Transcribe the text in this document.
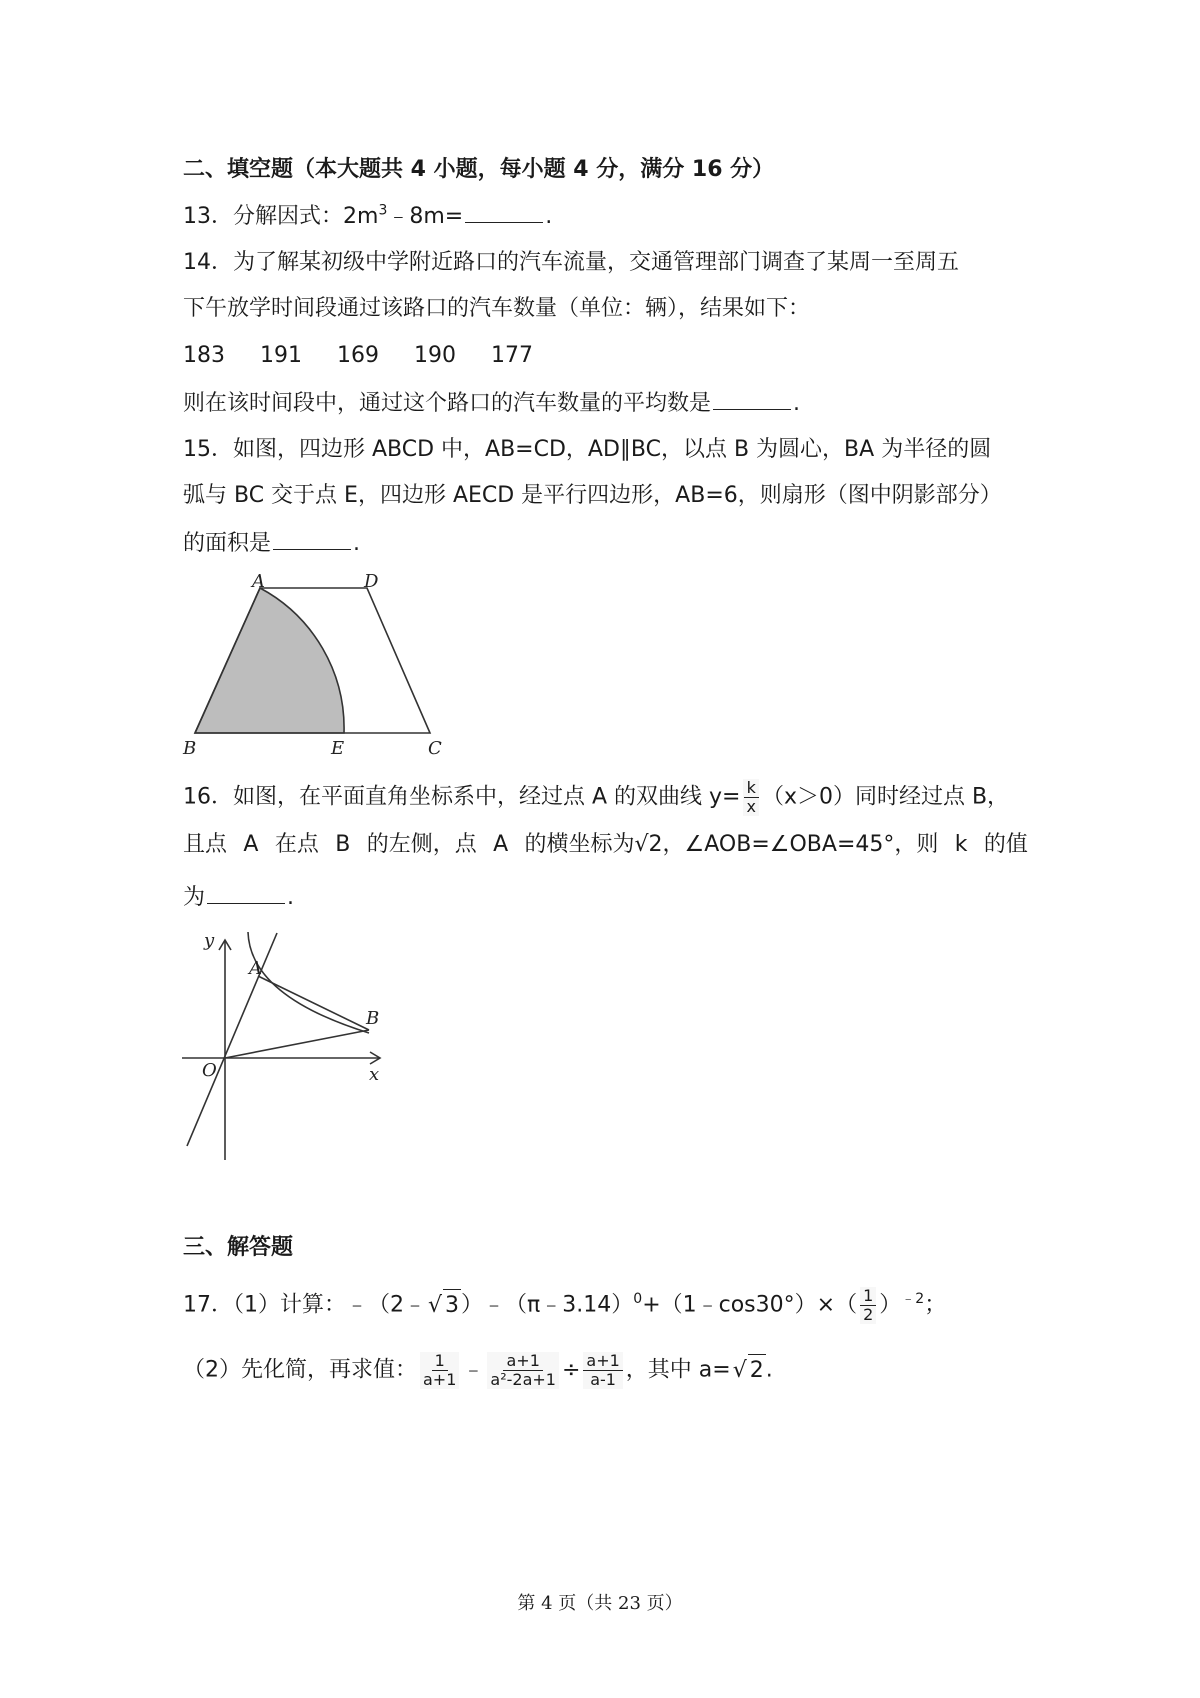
二、填空题（本大题共 4 小题，每小题 4 分，满分 16 分）
13．分解因式：$2m^3﹣8m=$	.
14．为了解某初级中学附近路口的汽车流量，交通管理部门调查了某周一至周五
下午放学时间段通过该路口的汽车数量（单位：辆），结果如下：
183 191 169 190 177
则在该时间段中，通过这个路口的汽车数量的平均数是	.
15．如图，四边形 ABCD 中，AB=CD，AD∥BC，以点 B 为圆心，BA 为半径的圆
弧与 BC 交于点 E，四边形 AECD 是平行四边形，AB=6，则扇形（图中阴影部分）
的面积是	.
A	D
B	E	C
16．如图，在平面直角坐标系中，经过点 A 的双曲线 $y= \frac{k}{x} (x>0)$同时经过点 B，
且点 A 在点 B 的左侧，点 A 的横坐标为√2，∠AOB=∠OBA=45°，则 k 的值
为	.
y
A
B
O	x
三、解答题
17．（1）计算：﹣（2﹣√ 3）﹣（π﹣3.14）$^0$+（1﹣cos30°）×（ $\frac{1}{2} )^{﹣2}$；
（2）先化简，再求值： $\frac{1}{a+1}$ ﹣ $\frac{a+1}{\text{a²-2a+1}} \div \frac{a+1}{a-1}$ ，其中 a=√ 2.
第 4 页（共 23 页）
